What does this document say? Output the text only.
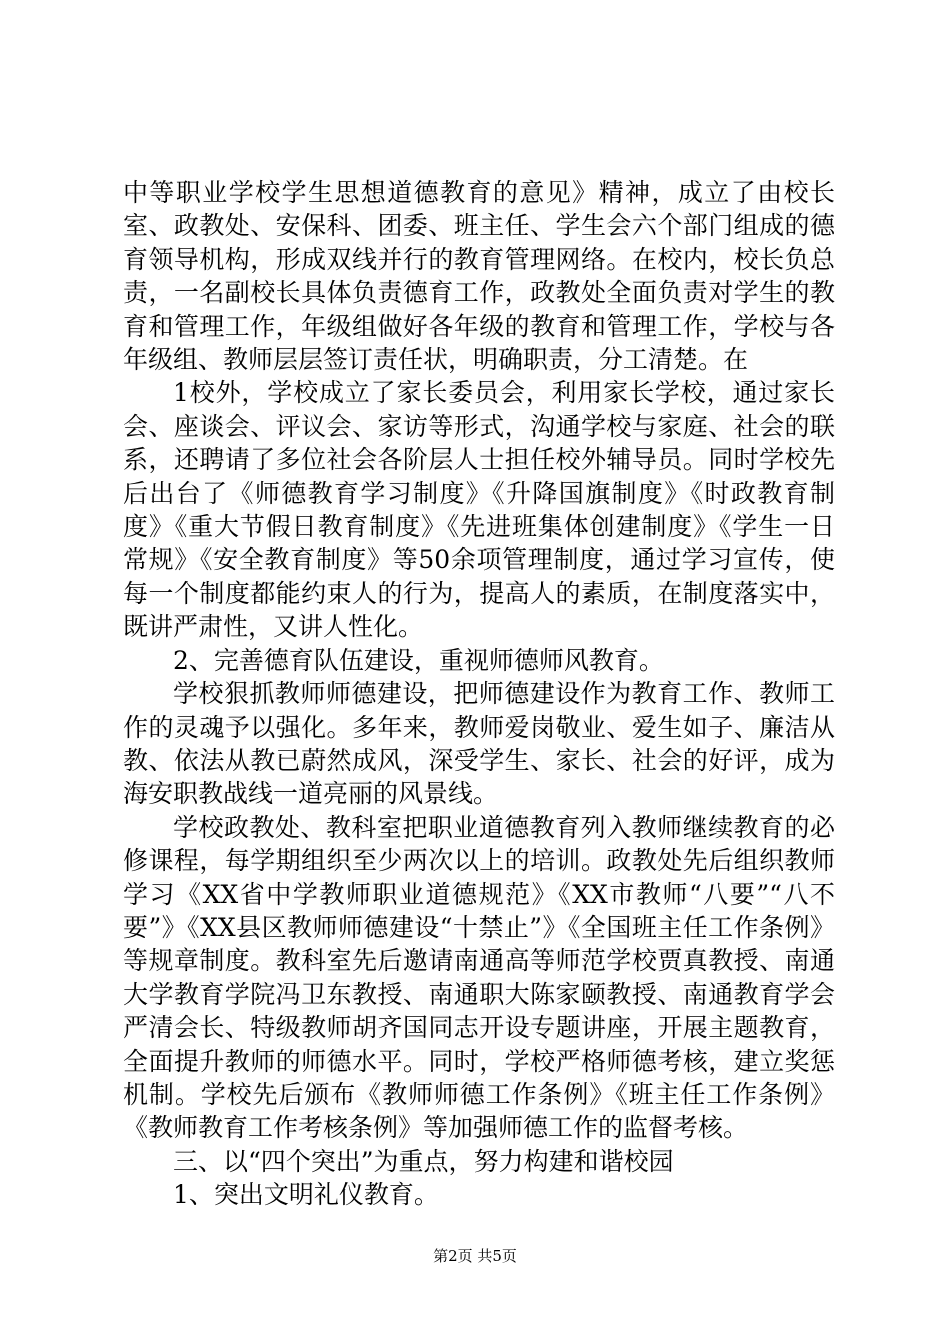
中等职业学校学生思想道德教育的意见》精神，成立了由校长室、政教处、安保科、团委、班主任、学生会六个部门组成的德育领导机构，形成双线并行的教育管理网络。在校内，校长负总责，一名副校长具体负责德育工作，政教处全面负责对学生的教育和管理工作，年级组做好各年级的教育和管理工作，学校与各年级组、教师层层签订责任状，明确职责，分工清楚。在

1校外，学校成立了家长委员会，利用家长学校，通过家长会、座谈会、评议会、家访等形式，沟通学校与家庭、社会的联系，还聘请了多位社会各阶层人士担任校外辅导员。同时学校先后出台了《师德教育学习制度》《升降国旗制度》《时政教育制度》《重大节假日教育制度》《先进班集体创建制度》《学生一日常规》《安全教育制度》等50余项管理制度，通过学习宣传，使每一个制度都能约束人的行为，提高人的素质，在制度落实中，既讲严肃性，又讲人性化。

2、完善德育队伍建设，重视师德师风教育。

学校狠抓教师师德建设，把师德建设作为教育工作、教师工作的灵魂予以强化。多年来，教师爱岗敬业、爱生如子、廉洁从教、依法从教已蔚然成风，深受学生、家长、社会的好评，成为海安职教战线一道亮丽的风景线。

学校政教处、教科室把职业道德教育列入教师继续教育的必修课程，每学期组织至少两次以上的培训。政教处先后组织教师学习《XX省中学教师职业道德规范》《XX市教师“八要”“八不要”》《XX县区教师师德建设“十禁止”》《全国班主任工作条例》等规章制度。教科室先后邀请南通高等师范学校贾真教授、南通大学教育学院冯卫东教授、南通职大陈家颐教授、南通教育学会严清会长、特级教师胡齐国同志开设专题讲座，开展主题教育，全面提升教师的师德水平。同时，学校严格师德考核，建立奖惩机制。学校先后颁布《教师师德工作条例》《班主任工作条例》《教师教育工作考核条例》等加强师德工作的监督考核。

三、以“四个突出”为重点，努力构建和谐校园

1、突出文明礼仪教育。

第2页 共5页
